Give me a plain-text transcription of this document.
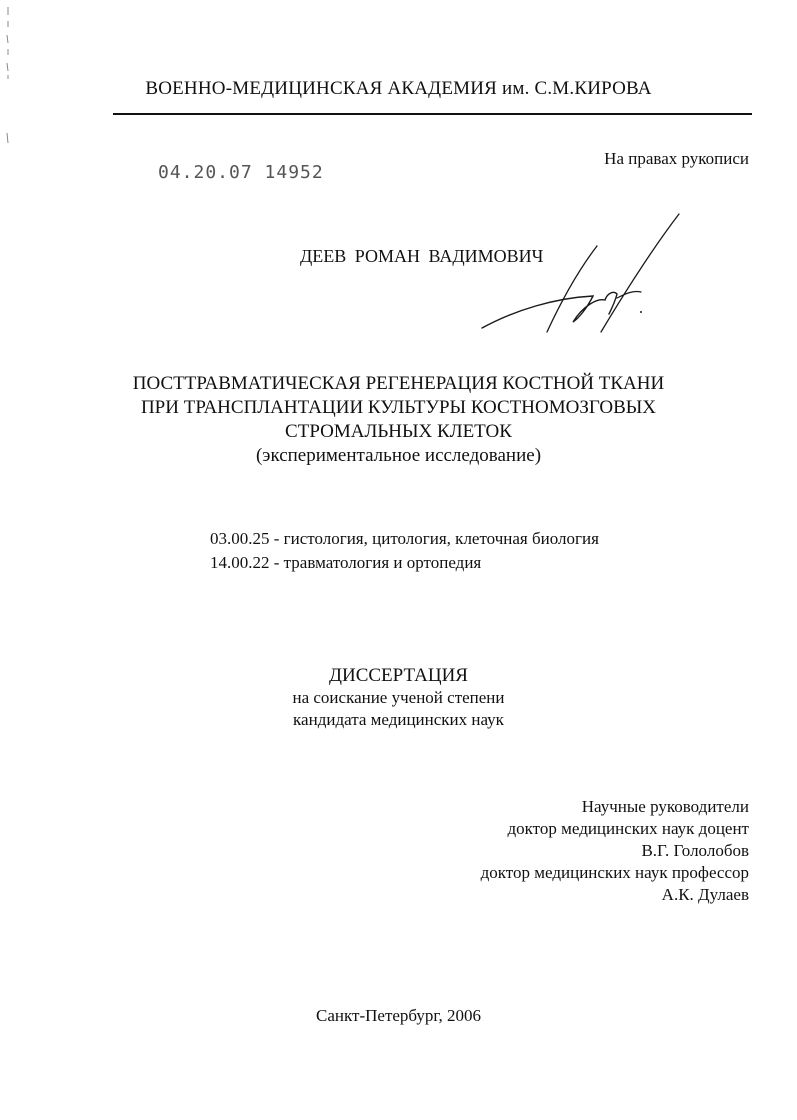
ВОЕННО-МЕДИЦИНСКАЯ АКАДЕМИЯ им. С.М.КИРОВА
04.20.07 14952
На правах рукописи
ДЕЕВ РОМАН ВАДИМОВИЧ
ПОСТТРАВМАТИЧЕСКАЯ РЕГЕНЕРАЦИЯ КОСТНОЙ ТКАНИ
ПРИ ТРАНСПЛАНТАЦИИ КУЛЬТУРЫ КОСТНОМОЗГОВЫХ
СТРОМАЛЬНЫХ КЛЕТОК
(экспериментальное исследование)
03.00.25 - гистология, цитология, клеточная биология
14.00.22 - травматология и ортопедия
ДИССЕРТАЦИЯ
на соискание ученой степени
кандидата медицинских наук
Научные руководители
доктор медицинских наук доцент
В.Г. Гололобов
доктор медицинских наук профессор
А.К. Дулаев
Санкт-Петербург, 2006
